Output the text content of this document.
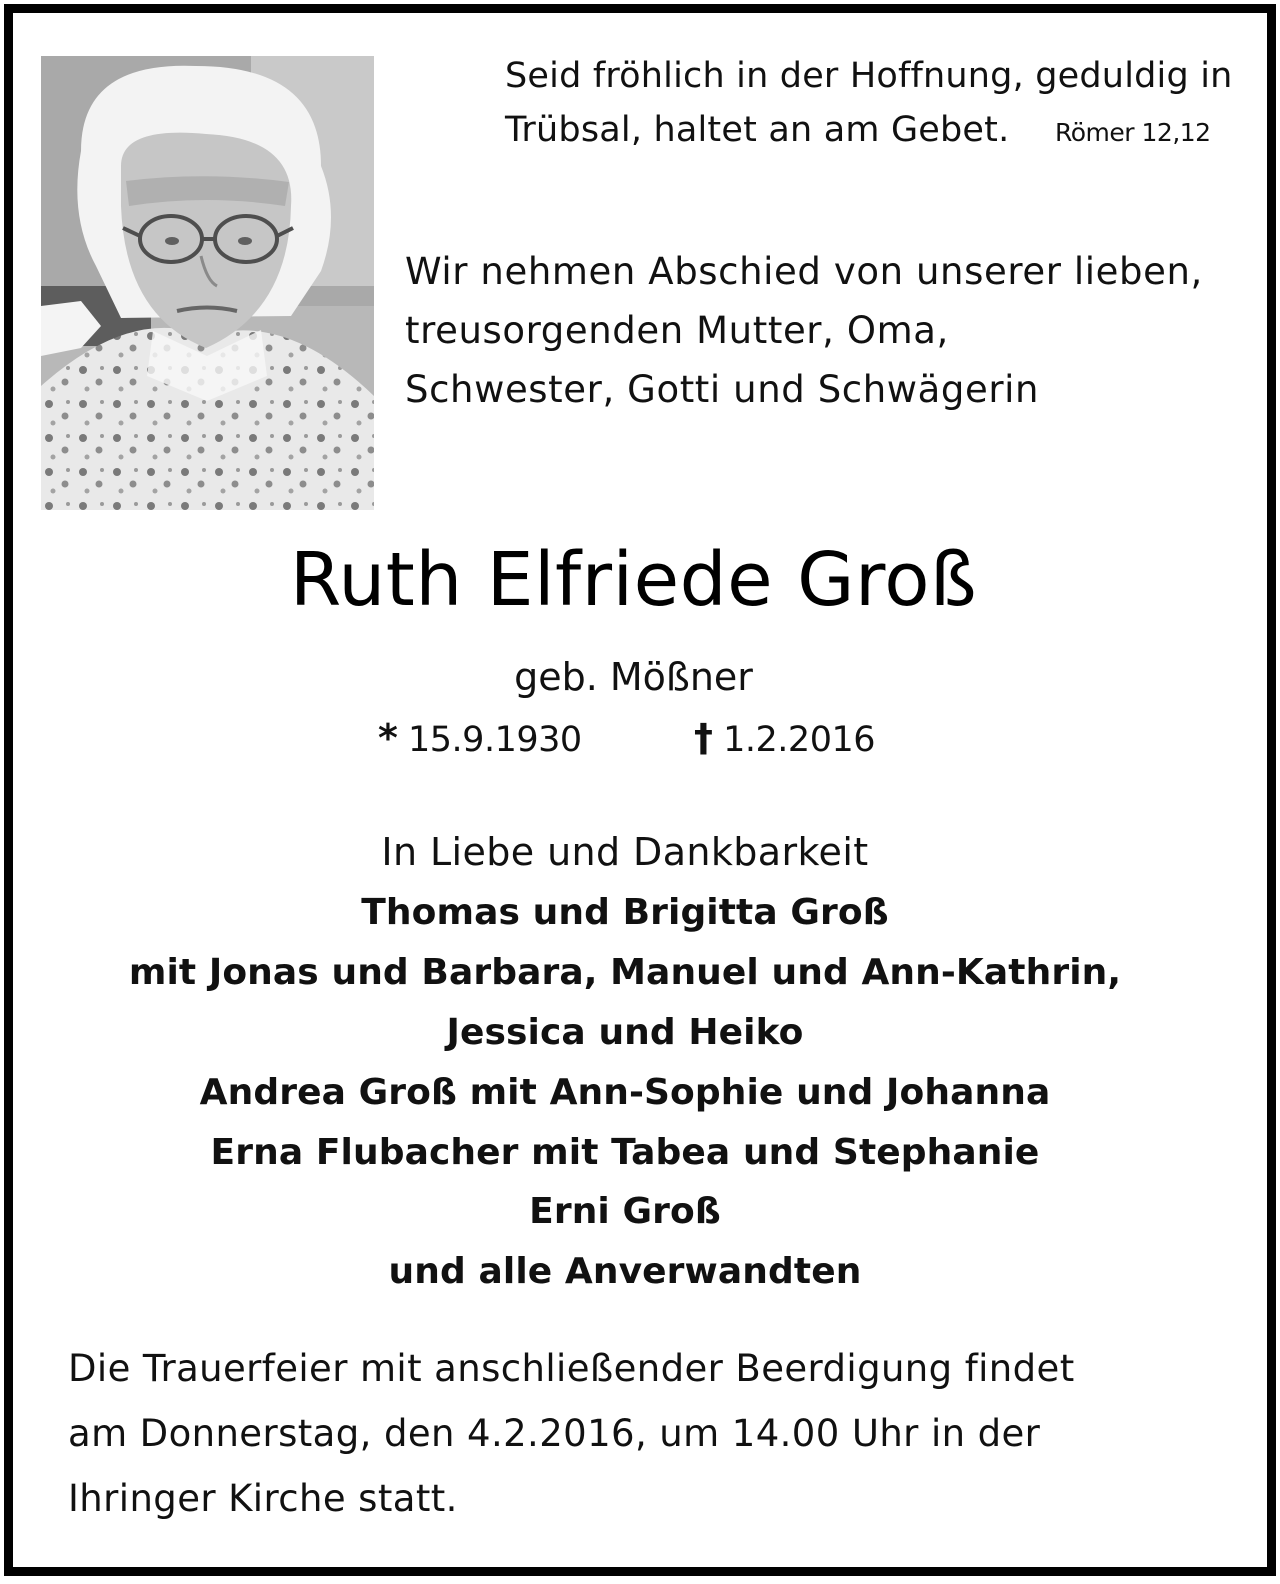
Seid fröhlich in der Hoffnung, geduldig in

Trübsal, haltet an am Gebet. Römer 12,12

Wir nehmen Abschied von unserer lieben,

treusorgenden Mutter, Oma,

Schwester, Gotti und Schwägerin

Ruth Elfriede Groß

geb. Mößner

* 15.9.1930	† 1.2.2016

In Liebe und Dankbarkeit

Thomas und Brigitta Groß

mit Jonas und Barbara, Manuel und Ann-Kathrin,

Jessica und Heiko

Andrea Groß mit Ann-Sophie und Johanna

Erna Flubacher mit Tabea und Stephanie

Erni Groß

und alle Anverwandten

Die Trauerfeier mit anschließender Beerdigung findet

am Donnerstag, den 4.2.2016, um 14.00 Uhr in der

Ihringer Kirche statt.
